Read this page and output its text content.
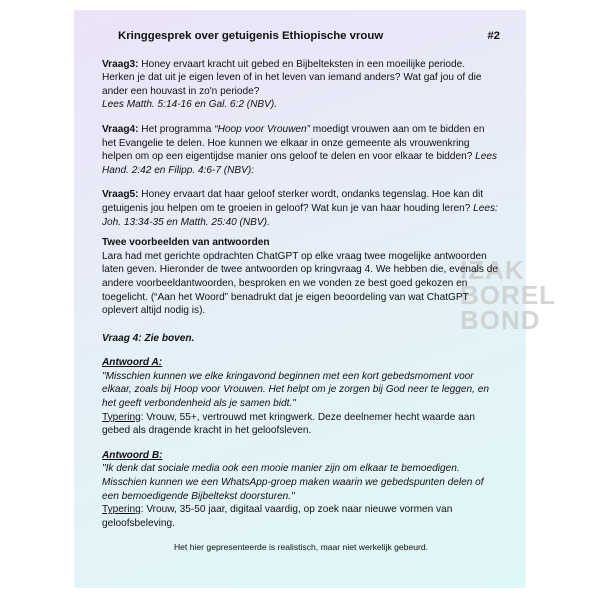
IZAK
BOREL
BOND
Kringgesprek over getuigenis Ethiopische vrouw	#2

Vraag3: Honey ervaart kracht uit gebed en Bijbelteksten in een moeilijke periode. Herken je dat uit je eigen leven of in het leven van iemand anders? Wat gaf jou of die ander een houvast in zo'n periode?
Lees Matth. 5:14-16 en Gal. 6:2 (NBV).

Vraag4: Het programma “Hoop voor Vrouwen” moedigt vrouwen aan om te bidden en het Evangelie te delen. Hoe kunnen we elkaar in onze gemeente als vrouwenkring helpen om op een eigentijdse manier ons geloof te delen en voor elkaar te bidden? Lees Hand. 2:42 en Filipp. 4:6-7 (NBV):

Vraag5: Honey ervaart dat haar geloof sterker wordt, ondanks tegenslag. Hoe kan dit getuigenis jou helpen om te groeien in geloof? Wat kun je van haar houding leren? Lees: Joh. 13:34-35 en Matth. 25:40 (NBV).

Twee voorbeelden van antwoorden

Lara had met gerichte opdrachten ChatGPT op elke vraag twee mogelijke antwoorden laten geven. Hieronder de twee antwoorden op kringvraag 4. We hebben die, evenals de andere voorbeeldantwoorden, besproken en we vonden ze best goed gekozen en toegelicht. (“Aan het Woord” benadrukt dat je eigen beoordeling van wat ChatGPT oplevert altijd nodig is).

Vraag 4: Zie boven.

Antwoord A:
"Misschien kunnen we elke kringavond beginnen met een kort gebedsmoment voor elkaar, zoals bij Hoop voor Vrouwen. Het helpt om je zorgen bij God neer te leggen, en het geeft verbondenheid als je samen bidt."
Typering: Vrouw, 55+, vertrouwd met kringwerk. Deze deelnemer hecht waarde aan gebed als dragende kracht in het geloofsleven.

Antwoord B:
"Ik denk dat sociale media ook een mooie manier zijn om elkaar te bemoedigen. Misschien kunnen we een WhatsApp-groep maken waarin we gebedspunten delen of een bemoedigende Bijbeltekst doorsturen."
Typering: Vrouw, 35-50 jaar, digitaal vaardig, op zoek naar nieuwe vormen van geloofsbeleving.

Het hier gepresenteerde is realistisch, maar niet werkelijk gebeurd.
